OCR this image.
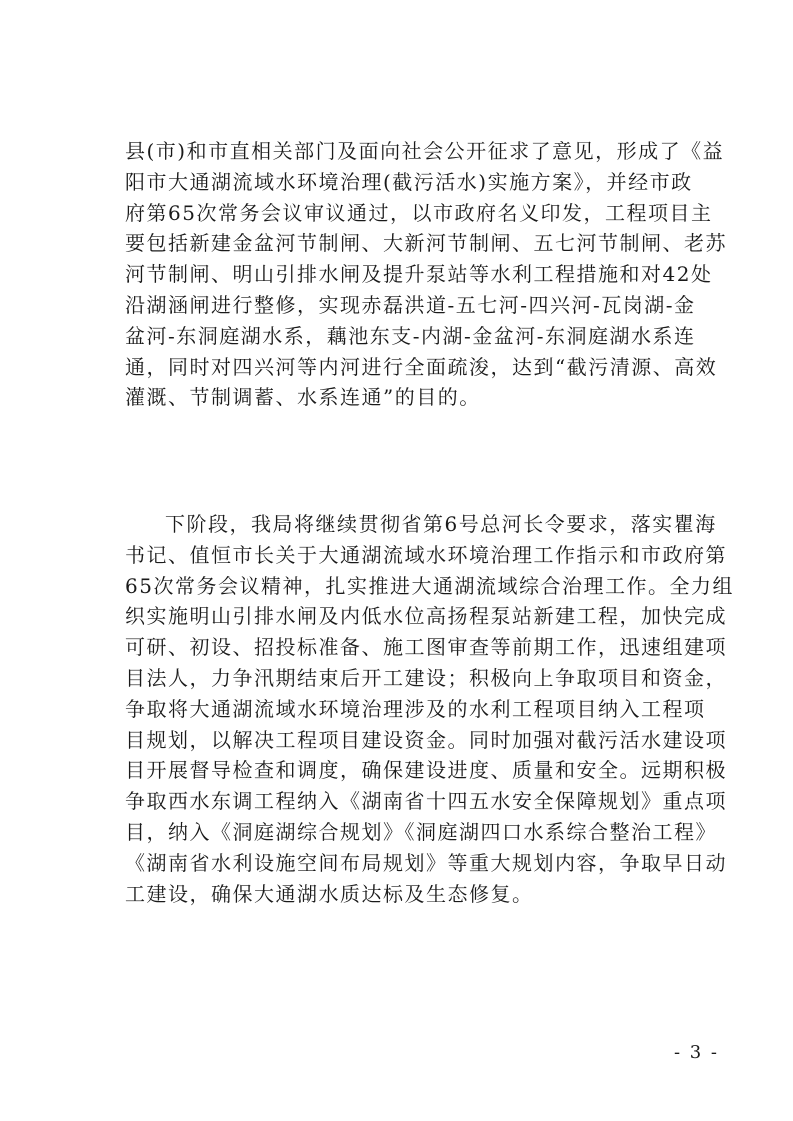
县(市)和市直相关部门及面向社会公开征求了意见，形成了《益
阳市大通湖流域水环境治理(截污活水)实施方案》，并经市政
府第65次常务会议审议通过，以市政府名义印发，工程项目主
要包括新建金盆河节制闸、大新河节制闸、五七河节制闸、老苏
河节制闸、明山引排水闸及提升泵站等水利工程措施和对42处
沿湖涵闸进行整修，实现赤磊洪道-五七河-四兴河-瓦岗湖-金
盆河-东洞庭湖水系，藕池东支-内湖-金盆河-东洞庭湖水系连
通，同时对四兴河等内河进行全面疏浚，达到“截污清源、高效
灌溉、节制调蓄、水系连通”的目的。
下阶段，我局将继续贯彻省第6号总河长令要求，落实瞿海
书记、值恒市长关于大通湖流域水环境治理工作指示和市政府第
65次常务会议精神，扎实推进大通湖流域综合治理工作。全力组
织实施明山引排水闸及内低水位高扬程泵站新建工程，加快完成
可研、初设、招投标准备、施工图审查等前期工作，迅速组建项
目法人，力争汛期结束后开工建设；积极向上争取项目和资金，
争取将大通湖流域水环境治理涉及的水利工程项目纳入工程项
目规划，以解决工程项目建设资金。同时加强对截污活水建设项
目开展督导检查和调度，确保建设进度、质量和安全。远期积极
争取西水东调工程纳入《湖南省十四五水安全保障规划》重点项
目，纳入《洞庭湖综合规划》《洞庭湖四口水系综合整治工程》
《湖南省水利设施空间布局规划》等重大规划内容，争取早日动
工建设，确保大通湖水质达标及生态修复。
- 3 -
